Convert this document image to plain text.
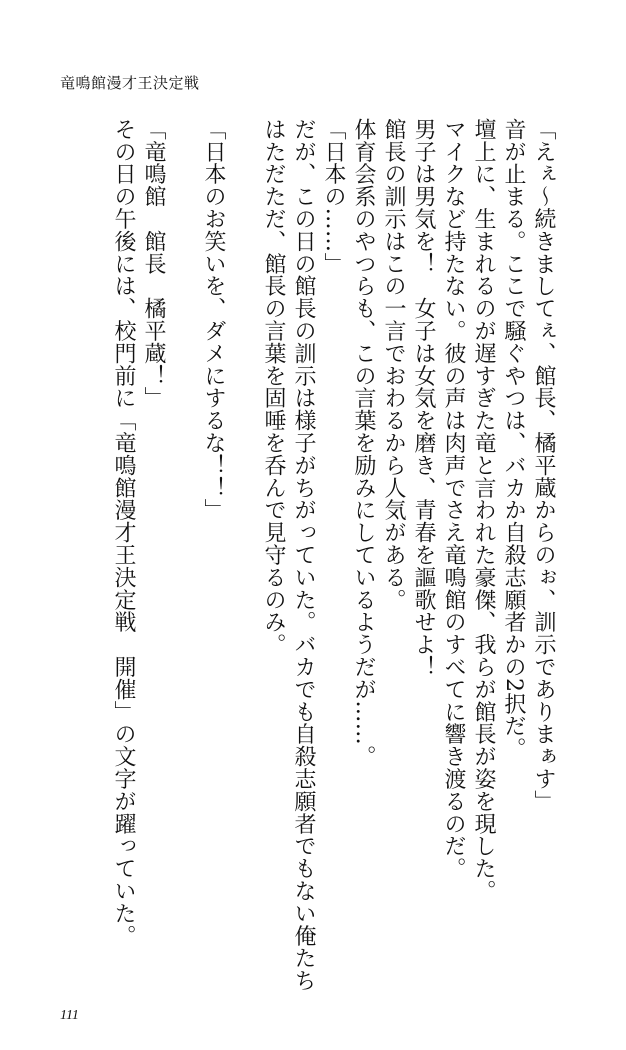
竜鳴館漫才王決定戦
「えぇ～続きましてぇ、館長、橘平蔵からのぉ、訓示でありまぁす」
音が止まる。ここで騒ぐやつは、バカか自殺志願者かの2択だ。
壇上に、生まれるのが遅すぎた竜と言われた豪傑、我らが館長が姿を現した。
マイクなど持たない。彼の声は肉声でさえ竜鳴館のすべてに響き渡るのだ。
男子は男気を！　女子は女気を磨き、青春を謳歌せよ！
館長の訓示はこの一言でおわるから人気がある。
体育会系のやつらも、この言葉を励みにしているようだが……。
「日本の……」
だが、この日の館長の訓示は様子がちがっていた。バカでも自殺志願者でもない俺たち
はただただ、館長の言葉を固唾を呑んで見守るのみ。
「日本のお笑いを、ダメにするな！！」
「竜鳴館　館長　橘平蔵！」
その日の午後には、校門前に「竜鳴館漫才王決定戦　開催」の文字が躍っていた。
111
